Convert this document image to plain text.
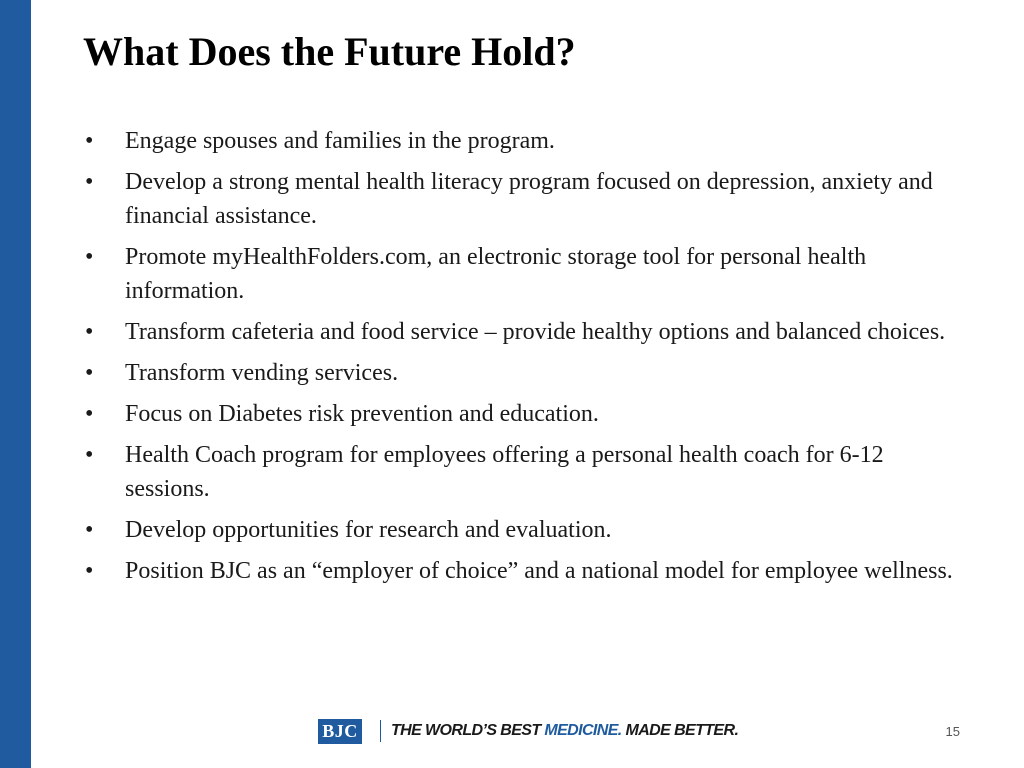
What Does the Future Hold?
•	Engage spouses and families in the program.
•	Develop a strong mental health literacy program focused on depression, anxiety and financial assistance.
•	Promote myHealthFolders.com, an electronic storage tool for personal health information.
•	Transform cafeteria and food service – provide healthy options and balanced choices.
•	Transform vending services.
•	Focus on Diabetes risk prevention and education.
•	Health Coach program for employees offering a personal health coach for 6-12 sessions.
•	Develop opportunities for research and evaluation.
•	Position BJC as an “employer of choice” and a national model for employee wellness.
BJC THE WORLD’S BEST MEDICINE. MADE BETTER.	15
